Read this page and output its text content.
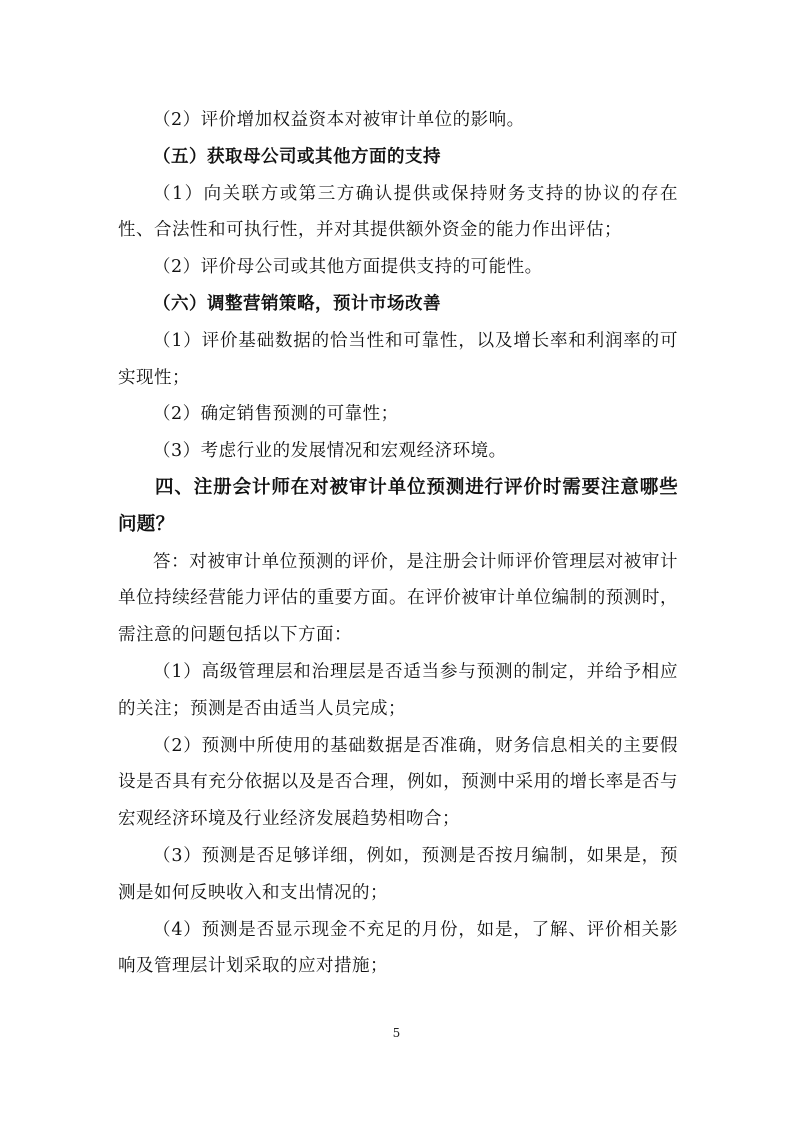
（2）评价增加权益资本对被审计单位的影响。

（五）获取母公司或其他方面的支持

（1）向关联方或第三方确认提供或保持财务支持的协议的存在性、合法性和可执行性，并对其提供额外资金的能力作出评估；

（2）评价母公司或其他方面提供支持的可能性。

（六）调整营销策略，预计市场改善

（1）评价基础数据的恰当性和可靠性，以及增长率和利润率的可实现性；

（2）确定销售预测的可靠性；

（3）考虑行业的发展情况和宏观经济环境。

四、注册会计师在对被审计单位预测进行评价时需要注意哪些问题？

答：对被审计单位预测的评价，是注册会计师评价管理层对被审计单位持续经营能力评估的重要方面。在评价被审计单位编制的预测时，需注意的问题包括以下方面：

（1）高级管理层和治理层是否适当参与预测的制定，并给予相应的关注；预测是否由适当人员完成；

（2）预测中所使用的基础数据是否准确，财务信息相关的主要假设是否具有充分依据以及是否合理，例如，预测中采用的增长率是否与宏观经济环境及行业经济发展趋势相吻合；

（3）预测是否足够详细，例如，预测是否按月编制，如果是，预测是如何反映收入和支出情况的；

（4）预测是否显示现金不充足的月份，如是，了解、评价相关影响及管理层计划采取的应对措施；

5
